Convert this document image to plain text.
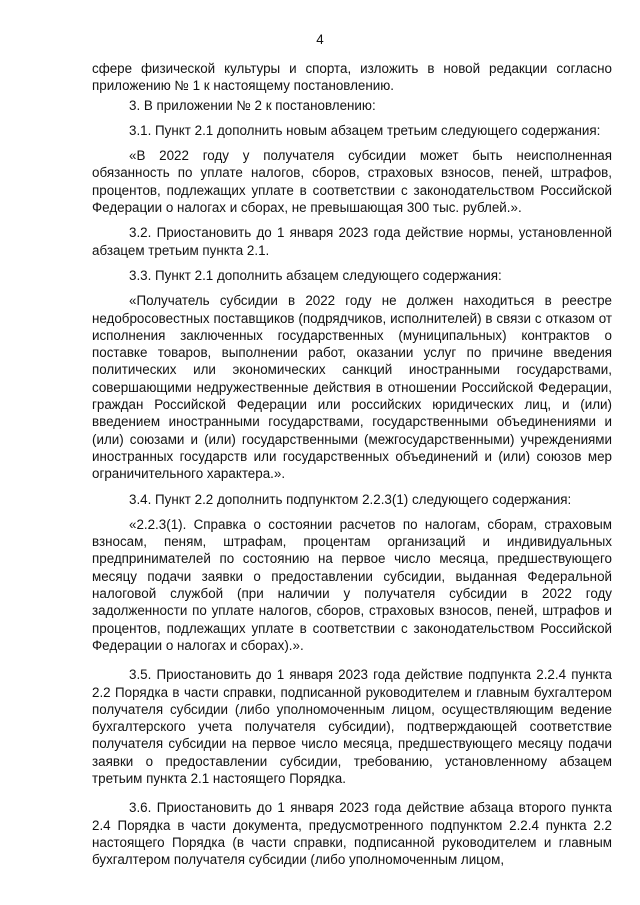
4

сфере физической культуры и спорта, изложить в новой редакции согласно приложению № 1 к настоящему постановлению.

3. В приложении № 2 к постановлению:

3.1. Пункт 2.1 дополнить новым абзацем третьим следующего содержания:

«В 2022 году у получателя субсидии может быть неисполненная обязанность по уплате налогов, сборов, страховых взносов, пеней, штрафов, процентов, подлежащих уплате в соответствии с законодательством Российской Федерации о налогах и сборах, не превышающая 300 тыс. рублей.».

3.2. Приостановить до 1 января 2023 года действие нормы, установленной абзацем третьим пункта 2.1.

3.3. Пункт 2.1 дополнить абзацем следующего содержания:

«Получатель субсидии в 2022 году не должен находиться в реестре недобросовестных поставщиков (подрядчиков, исполнителей) в связи с отказом от исполнения заключенных государственных (муниципальных) контрактов о поставке товаров, выполнении работ, оказании услуг по причине введения политических или экономических санкций иностранными государствами, совершающими недружественные действия в отношении Российской Федерации, граждан Российской Федерации или российских юридических лиц, и (или) введением иностранными государствами, государственными объединениями и (или) союзами и (или) государственными (межгосударственными) учреждениями иностранных государств или государственных объединений и (или) союзов мер ограничительного характера.».

3.4. Пункт 2.2 дополнить подпунктом 2.2.3(1) следующего содержания:

«2.2.3(1). Справка о состоянии расчетов по налогам, сборам, страховым взносам, пеням, штрафам, процентам организаций и индивидуальных предпринимателей по состоянию на первое число месяца, предшествующего месяцу подачи заявки о предоставлении субсидии, выданная Федеральной налоговой службой (при наличии у получателя субсидии в 2022 году задолженности по уплате налогов, сборов, страховых взносов, пеней, штрафов и процентов, подлежащих уплате в соответствии с законодательством Российской Федерации о налогах и сборах).».

3.5. Приостановить до 1 января 2023 года действие подпункта 2.2.4 пункта 2.2 Порядка в части справки, подписанной руководителем и главным бухгалтером получателя субсидии (либо уполномоченным лицом, осуществляющим ведение бухгалтерского учета получателя субсидии), подтверждающей соответствие получателя субсидии на первое число месяца, предшествующего месяцу подачи заявки о предоставлении субсидии, требованию, установленному абзацем третьим пункта 2.1 настоящего Порядка.

3.6. Приостановить до 1 января 2023 года действие абзаца второго пункта 2.4 Порядка в части документа, предусмотренного подпунктом 2.2.4 пункта 2.2 настоящего Порядка (в части справки, подписанной руководителем и главным бухгалтером получателя субсидии (либо уполномоченным лицом,
